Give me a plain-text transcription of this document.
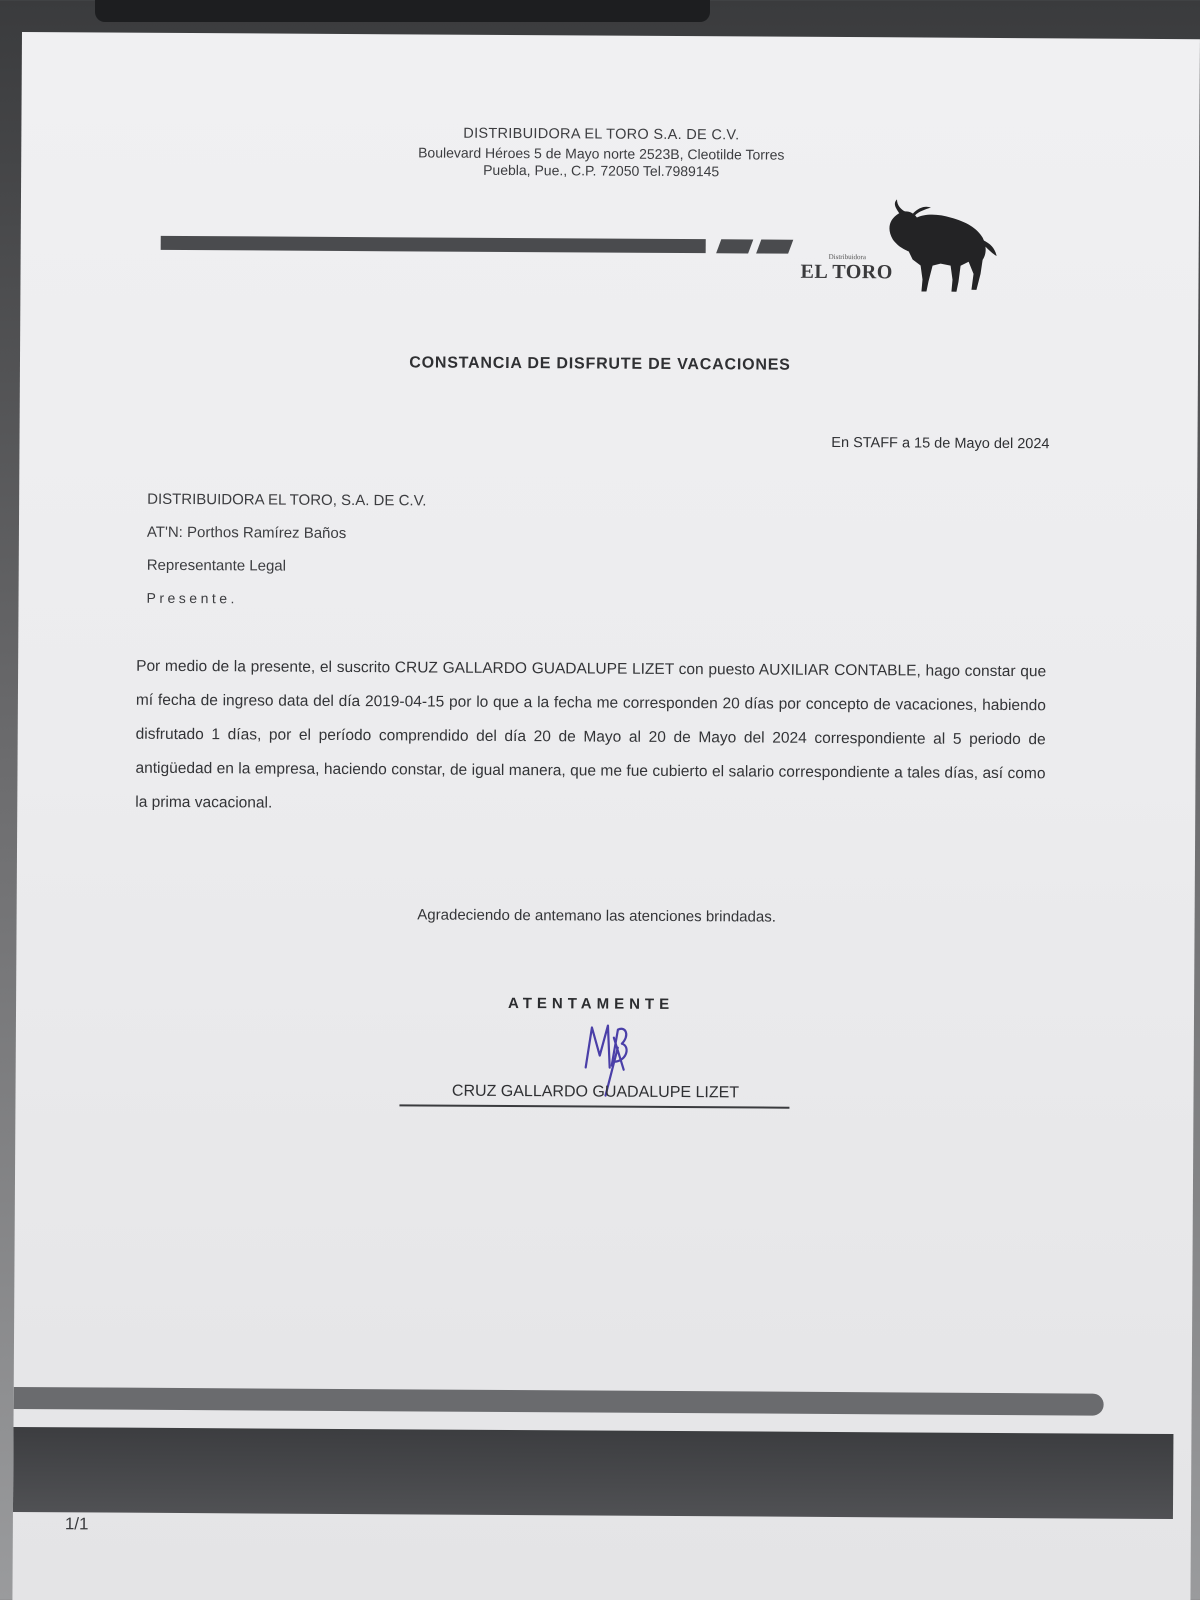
DISTRIBUIDORA EL TORO S.A. DE C.V.
Boulevard Héroes 5 de Mayo norte 2523B, Cleotilde Torres
Puebla, Pue., C.P. 72050 Tel.7989145
Distribuidora
EL TORO
CONSTANCIA DE DISFRUTE DE VACACIONES
En STAFF a 15 de Mayo del 2024
DISTRIBUIDORA EL TORO, S.A. DE C.V.
AT'N: Porthos Ramírez Baños
Representante Legal
Presente.
Por medio de la presente, el suscrito CRUZ GALLARDO GUADALUPE LIZET con puesto AUXILIAR CONTABLE, hago constar que mí fecha de ingreso data del día 2019-04-15 por lo que a la fecha me corresponden 20 días por concepto de vacaciones, habiendo disfrutado 1 días, por el período comprendido del día 20 de Mayo al 20 de Mayo del 2024 correspondiente al 5 periodo de antigüedad en la empresa, haciendo constar, de igual manera, que me fue cubierto el salario correspondiente a tales días, así como la prima vacacional.
Agradeciendo de antemano las atenciones brindadas.
ATENTAMENTE
CRUZ GALLARDO GUADALUPE LIZET
1/1
